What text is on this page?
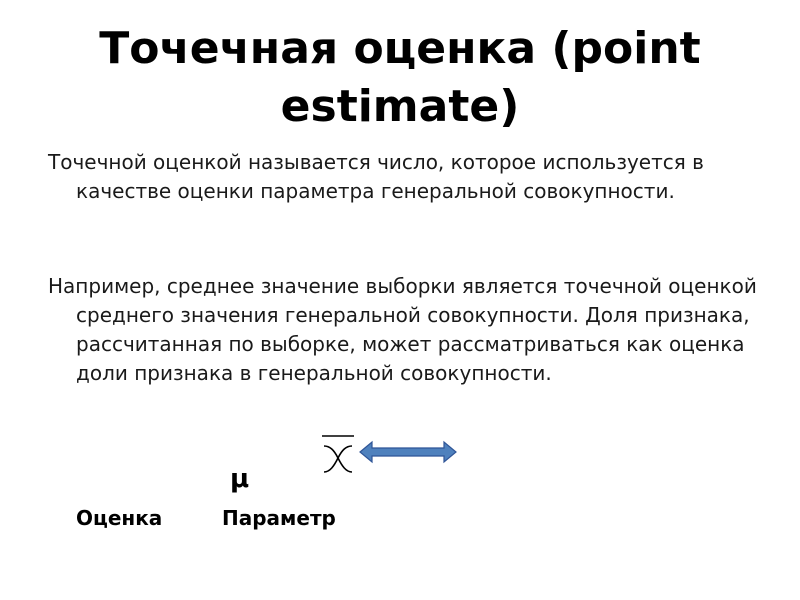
Точечная оценка (point estimate)

Точечной оценкой называется число, которое используется в качестве оценки параметра генеральной совокупности.

Например, среднее значение выборки является точечной оценкой среднего значения генеральной совокупности. Доля признака, рассчитанная по выборке, может рассматриваться как оценка доли признака в генеральной совокупности.

μ
Оценка	Параметр
